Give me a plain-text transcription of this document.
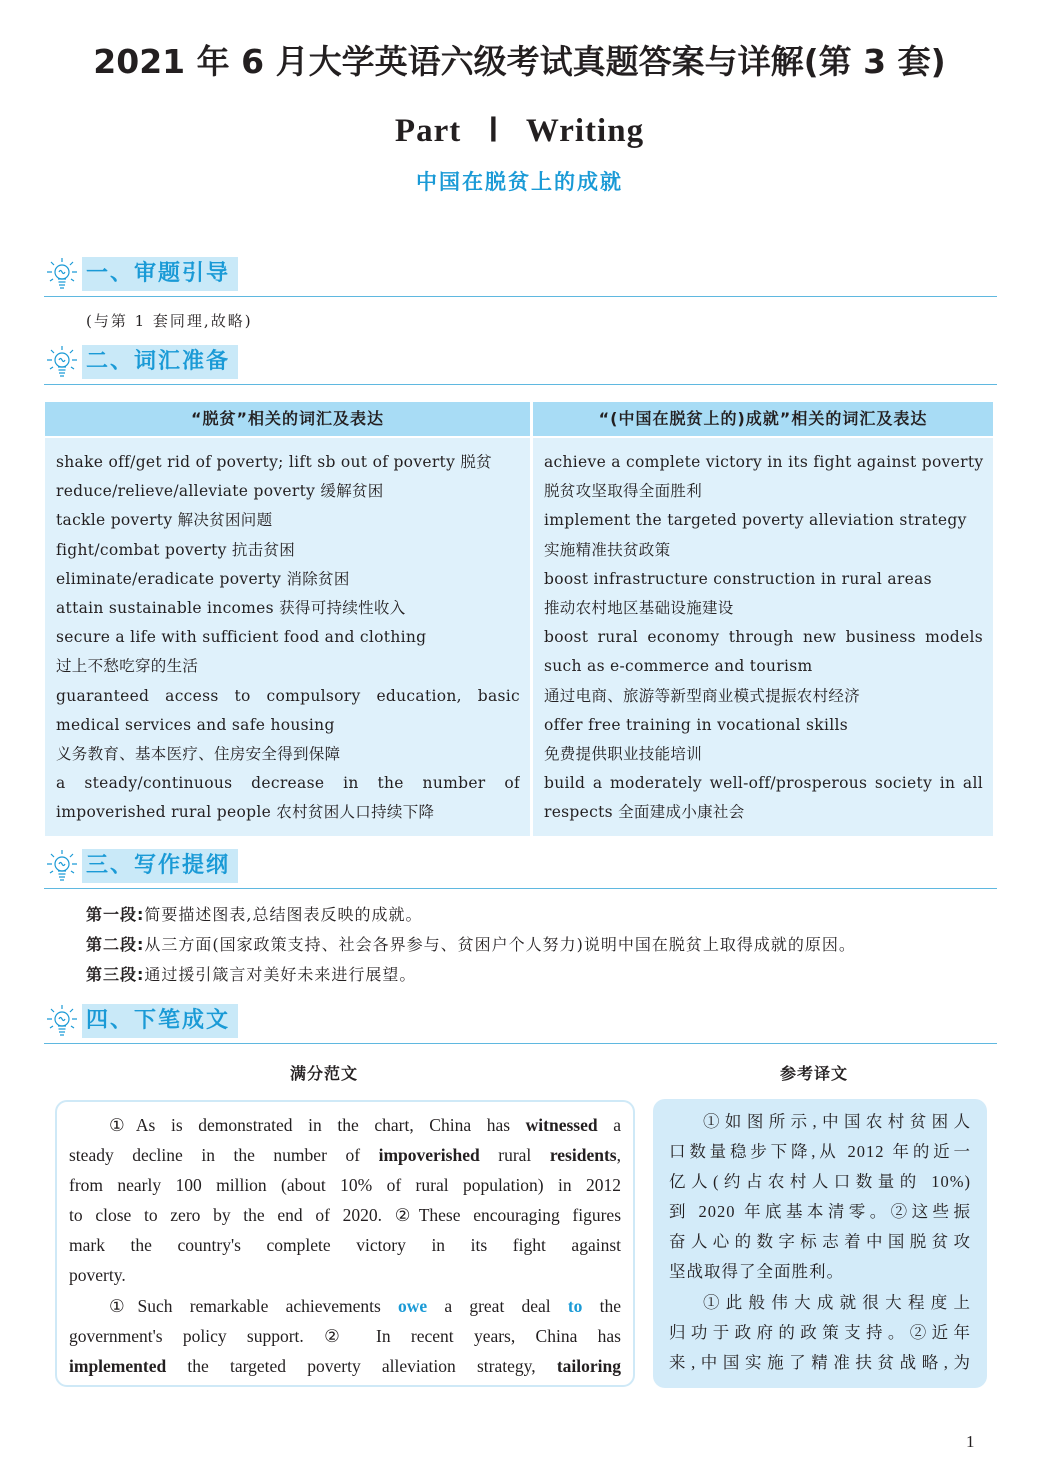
2021 年 6 月大学英语六级考试真题答案与详解(第 3 套)
Part Ⅰ Writing
中国在脱贫上的成就
一、审题引导
(与第 1 套同理,故略)
二、词汇准备
“脱贫”相关的词汇及表达
shake off/get rid of poverty; lift sb out of poverty 脱贫
reduce/relieve/alleviate poverty 缓解贫困
tackle poverty 解决贫困问题
fight/combat poverty 抗击贫困
eliminate/eradicate poverty 消除贫困
attain sustainable incomes 获得可持续性收入
secure a life with sufficient food and clothing
过上不愁吃穿的生活
guaranteed access to compulsory education, basic
medical services and safe housing
义务教育、基本医疗、住房安全得到保障
a steady/continuous decrease in the number of
impoverished rural people 农村贫困人口持续下降
“(中国在脱贫上的)成就”相关的词汇及表达
achieve a complete victory in its fight against poverty
脱贫攻坚取得全面胜利
implement the targeted poverty alleviation strategy
实施精准扶贫政策
boost infrastructure construction in rural areas
推动农村地区基础设施建设
boost rural economy through new business models
such as e-commerce and tourism
通过电商、旅游等新型商业模式提振农村经济
offer free training in vocational skills
免费提供职业技能培训
build a moderately well-off/prosperous society in all
respects 全面建成小康社会
三、写作提纲
第一段:简要描述图表,总结图表反映的成就。
第二段:从三方面(国家政策支持、社会各界参与、贫困户个人努力)说明中国在脱贫上取得成就的原因。
第三段:通过援引箴言对美好未来进行展望。
四、下笔成文
满分范文	参考译文
①As is demonstrated in the chart, China has witnessed a
steady decline in the number of impoverished rural residents,
from nearly 100 million (about 10% of rural population) in 2012
to close to zero by the end of 2020. ②These encouraging figures
mark the country's complete victory in its fight against
poverty.
①Such remarkable achievements owe a great deal to the
government's policy support. ② In recent years, China has
implemented the targeted poverty alleviation strategy, tailoring
①如图所示,中国农村贫困人
口数量稳步下降,从 2012 年的近一
亿人(约占农村人口数量的 10%)
到 2020 年底基本清零。②这些振
奋人心的数字标志着中国脱贫攻
坚战取得了全面胜利。
①此般伟大成就很大程度上
归功于政府的政策支持。②近年
来,中国实施了精准扶贫战略,为
1
